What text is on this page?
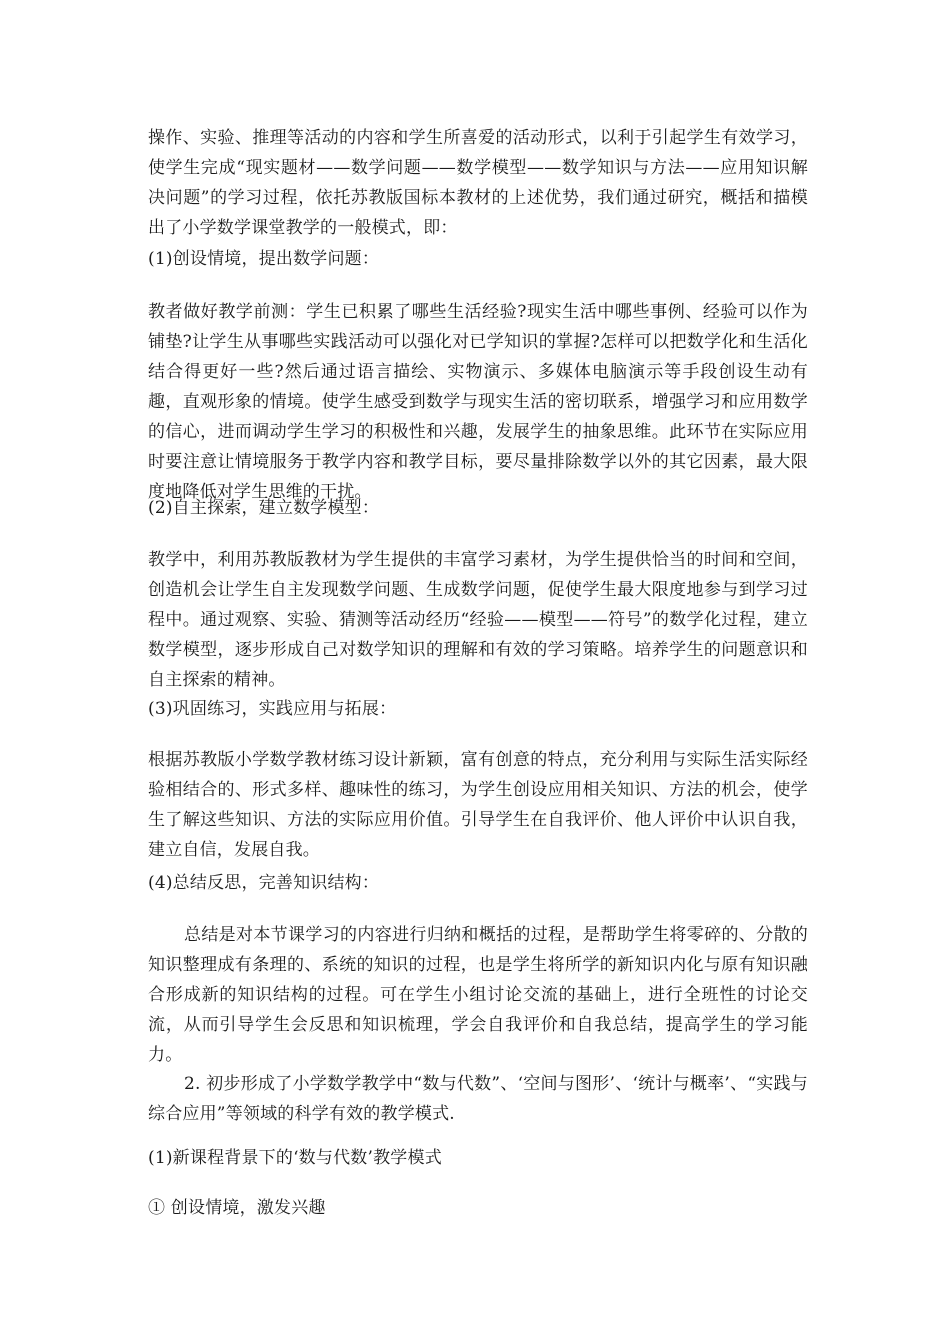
操作、实验、推理等活动的内容和学生所喜爱的活动形式，以利于引起学生有效学习，使学生完成“现实题材——数学问题——数学模型——数学知识与方法——应用知识解决问题”的学习过程，依托苏教版国标本教材的上述优势，我们通过研究，概括和描模出了小学数学课堂教学的一般模式，即：

(1)创设情境，提出数学问题：

教者做好教学前测：学生已积累了哪些生活经验?现实生活中哪些事例、经验可以作为铺垫?让学生从事哪些实践活动可以强化对已学知识的掌握?怎样可以把数学化和生活化结合得更好一些?然后通过语言描绘、实物演示、多媒体电脑演示等手段创设生动有趣，直观形象的情境。使学生感受到数学与现实生活的密切联系，增强学习和应用数学的信心，进而调动学生学习的积极性和兴趣，发展学生的抽象思维。此环节在实际应用时要注意让情境服务于教学内容和教学目标，要尽量排除数学以外的其它因素，最大限度地降低对学生思维的干扰。

(2)自主探索，建立数学模型：

教学中，利用苏教版教材为学生提供的丰富学习素材，为学生提供恰当的时间和空间，创造机会让学生自主发现数学问题、生成数学问题，促使学生最大限度地参与到学习过程中。通过观察、实验、猜测等活动经历“经验——模型——符号”的数学化过程，建立数学模型，逐步形成自己对数学知识的理解和有效的学习策略。培养学生的问题意识和自主探索的精神。

(3)巩固练习，实践应用与拓展：

根据苏教版小学数学教材练习设计新颖，富有创意的特点，充分利用与实际生活实际经验相结合的、形式多样、趣味性的练习，为学生创设应用相关知识、方法的机会，使学生了解这些知识、方法的实际应用价值。引导学生在自我评价、他人评价中认识自我，建立自信，发展自我。

(4)总结反思，完善知识结构：

总结是对本节课学习的内容进行归纳和概括的过程，是帮助学生将零碎的、分散的知识整理成有条理的、系统的知识的过程，也是学生将所学的新知识内化与原有知识融合形成新的知识结构的过程。可在学生小组讨论交流的基础上，进行全班性的讨论交流，从而引导学生会反思和知识梳理，学会自我评价和自我总结，提高学生的学习能力。

2. 初步形成了小学数学教学中“数与代数”、‘空间与图形’、‘统计与概率’、“实践与综合应用”等领域的科学有效的教学模式.

(1)新课程背景下的‘数与代数’教学模式

① 创设情境，激发兴趣
